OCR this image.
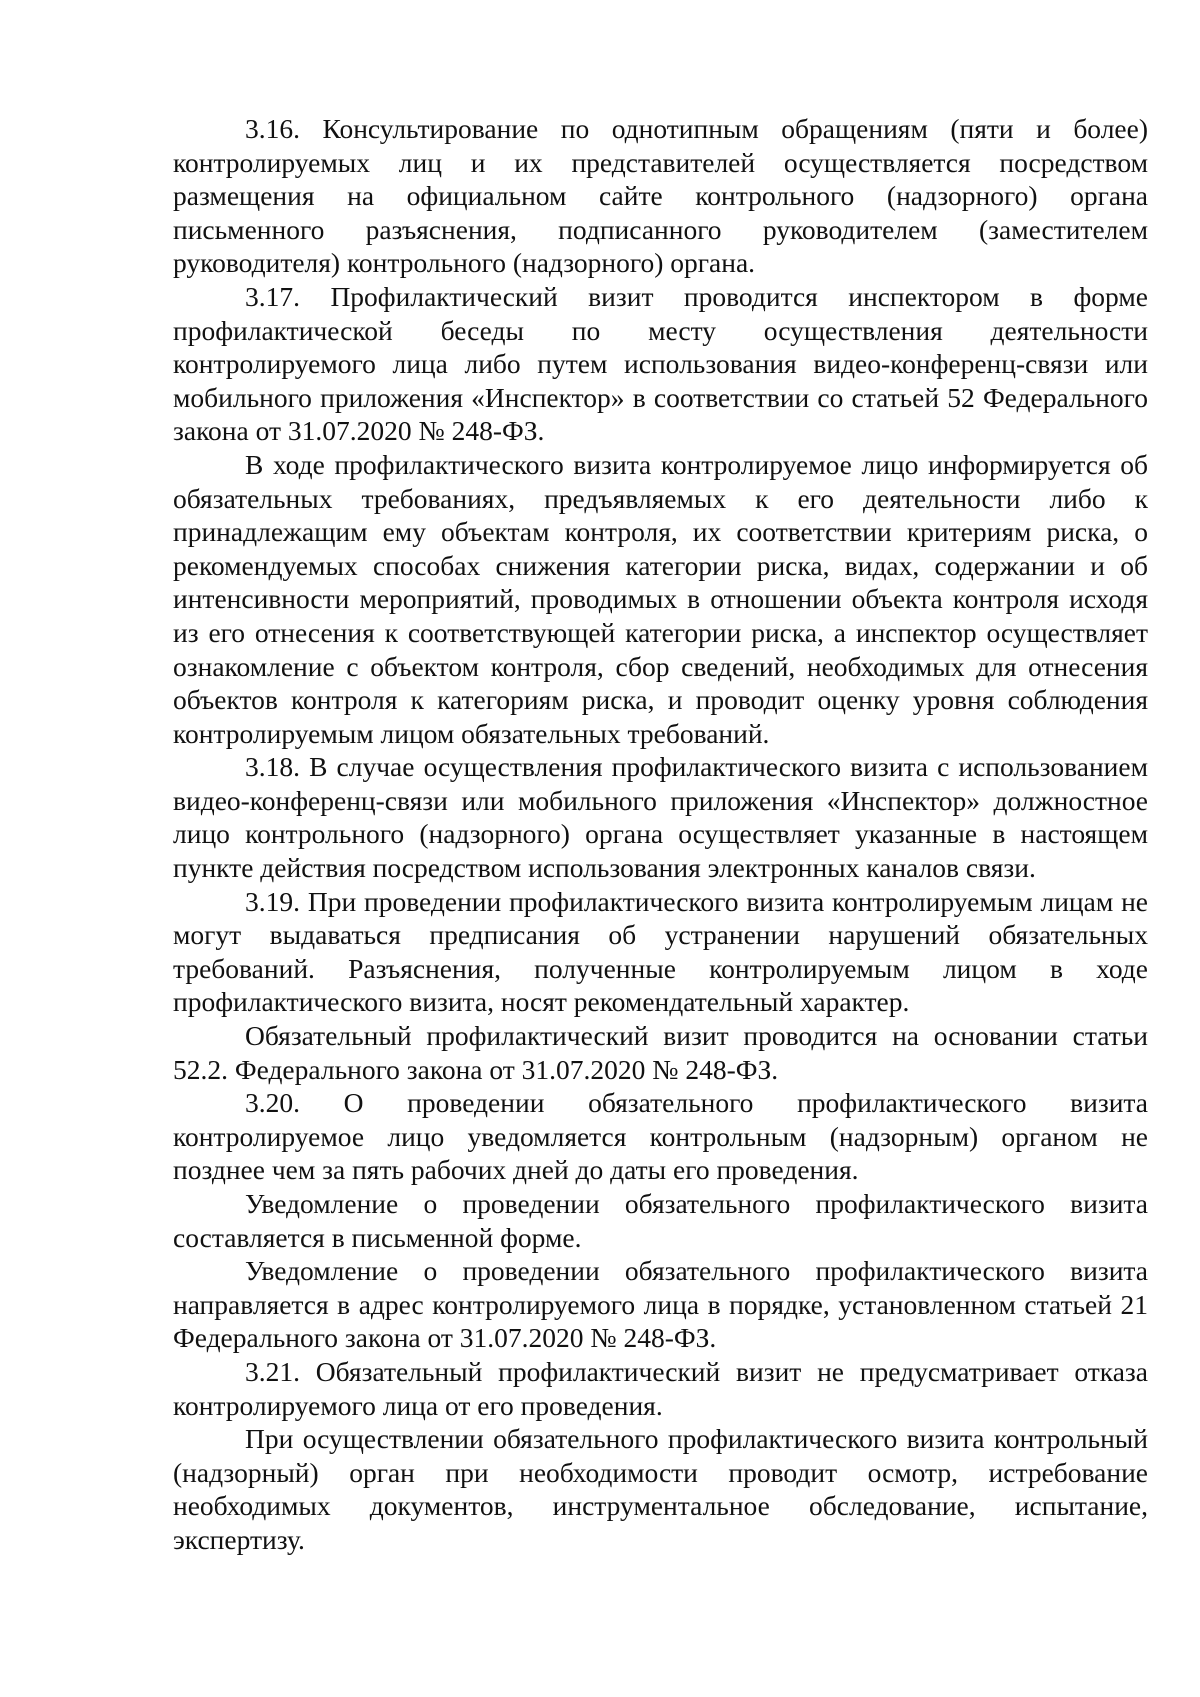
3.16. Консультирование по однотипным обращениям (пяти и более) контролируемых лиц и их представителей осуществляется посредством размещения на официальном сайте контрольного (надзорного) органа письменного разъяснения, подписанного руководителем (заместителем руководителя) контрольного (надзорного) органа.

3.17. Профилактический визит проводится инспектором в форме профилактической беседы по месту осуществления деятельности контролируемого лица либо путем использования видео-конференц-связи или мобильного приложения «Инспектор» в соответствии со статьей 52 Федерального закона от 31.07.2020 № 248-ФЗ.

В ходе профилактического визита контролируемое лицо информируется об обязательных требованиях, предъявляемых к его деятельности либо к принадлежащим ему объектам контроля, их соответствии критериям риска, о рекомендуемых способах снижения категории риска, видах, содержании и об интенсивности мероприятий, проводимых в отношении объекта контроля исходя из его отнесения к соответствующей категории риска, а инспектор осуществляет ознакомление с объектом контроля, сбор сведений, необходимых для отнесения объектов контроля к категориям риска, и проводит оценку уровня соблюдения контролируемым лицом обязательных требований.

3.18. В случае осуществления профилактического визита с использованием видео-конференц-связи или мобильного приложения «Инспектор» должностное лицо контрольного (надзорного) органа осуществляет указанные в настоящем пункте действия посредством использования электронных каналов связи.

3.19. При проведении профилактического визита контролируемым лицам не могут выдаваться предписания об устранении нарушений обязательных требований. Разъяснения, полученные контролируемым лицом в ходе профилактического визита, носят рекомендательный характер.

Обязательный профилактический визит проводится на основании статьи 52.2. Федерального закона от 31.07.2020 № 248-ФЗ.

3.20. О проведении обязательного профилактического визита контролируемое лицо уведомляется контрольным (надзорным) органом не позднее чем за пять рабочих дней до даты его проведения.

Уведомление о проведении обязательного профилактического визита составляется в письменной форме.

Уведомление о проведении обязательного профилактического визита направляется в адрес контролируемого лица в порядке, установленном статьей 21 Федерального закона от 31.07.2020 № 248-ФЗ.

3.21. Обязательный профилактический визит не предусматривает отказа контролируемого лица от его проведения.

При осуществлении обязательного профилактического визита контрольный (надзорный) орган при необходимости проводит осмотр, истребование необходимых документов, инструментальное обследование, испытание, экспертизу.
